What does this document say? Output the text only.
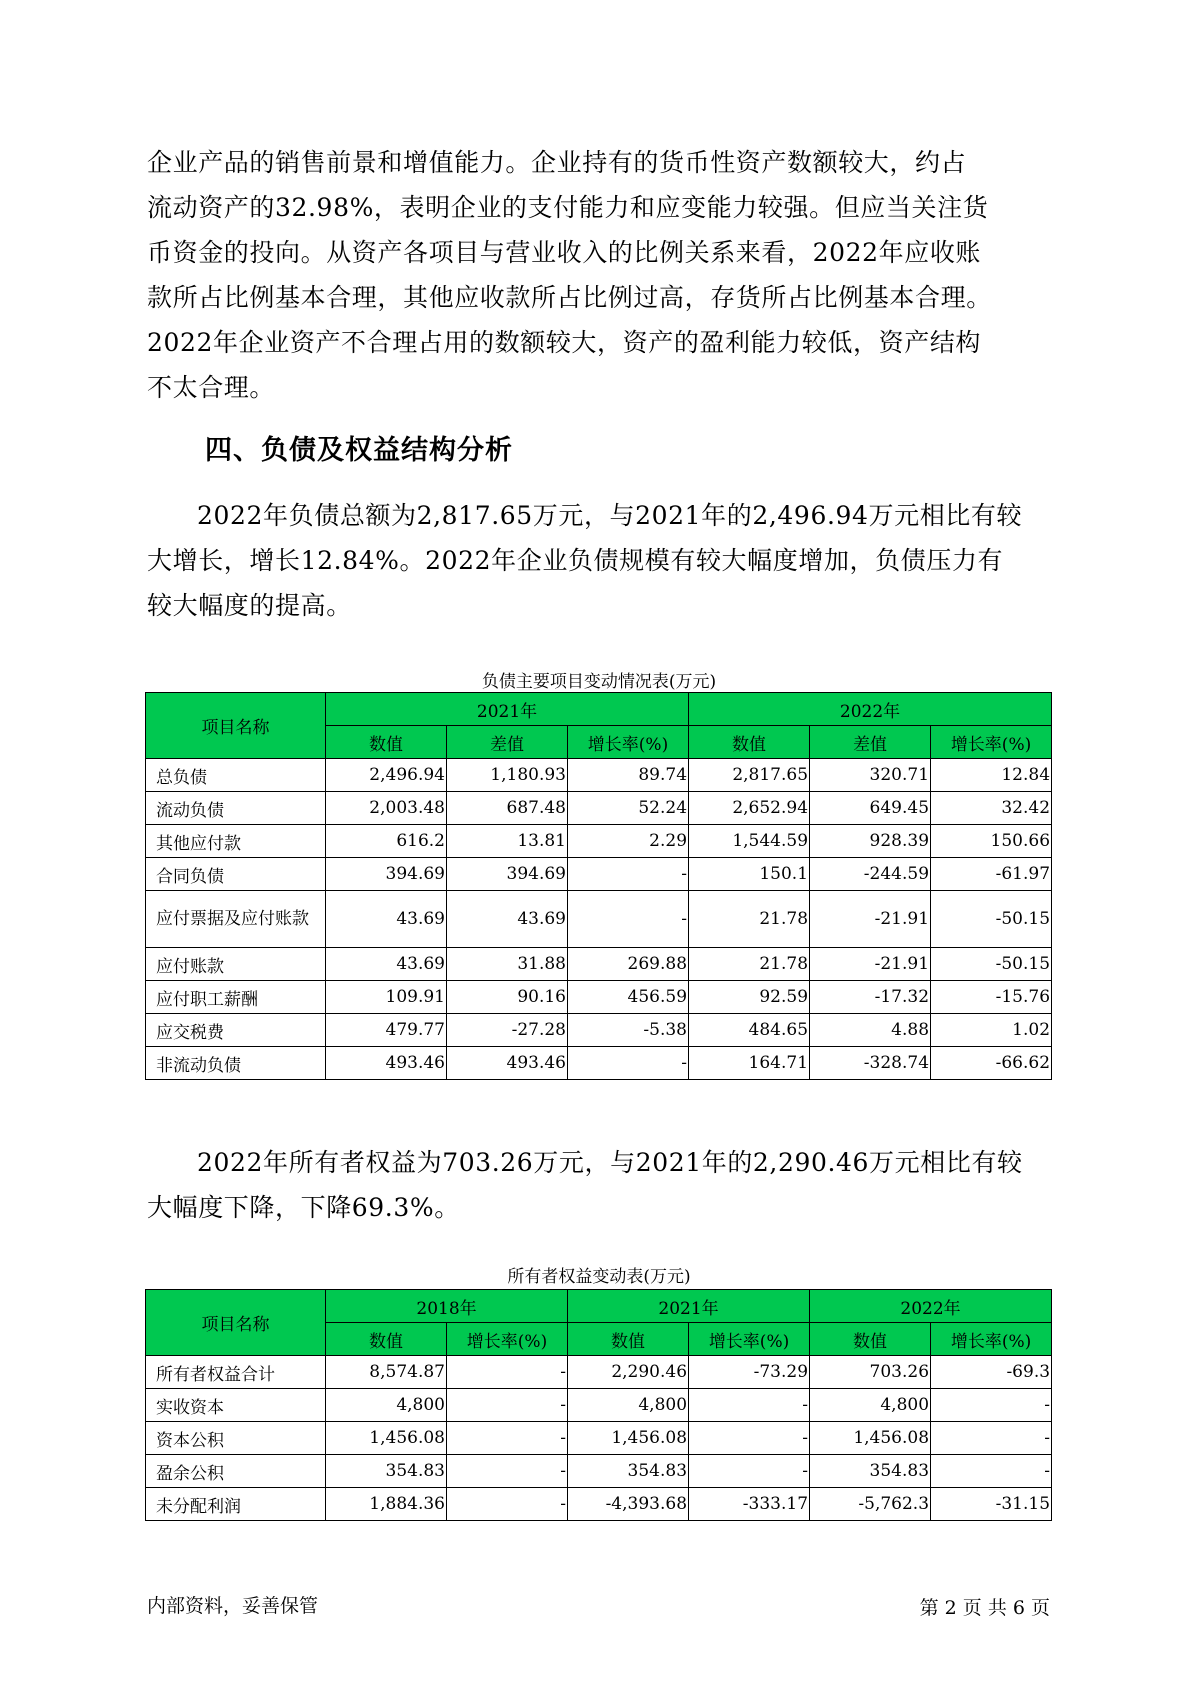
企业产品的销售前景和增值能力。企业持有的货币性资产数额较大，约占
流动资产的32.98%，表明企业的支付能力和应变能力较强。但应当关注货
币资金的投向。从资产各项目与营业收入的比例关系来看，2022年应收账
款所占比例基本合理，其他应收款所占比例过高，存货所占比例基本合理。
2022年企业资产不合理占用的数额较大，资产的盈利能力较低，资产结构
不太合理。
四、负债及权益结构分析
2022年负债总额为2,817.65万元，与2021年的2,496.94万元相比有较
大增长，增长12.84%。2022年企业负债规模有较大幅度增加，负债压力有
较大幅度的提高。

负债主要项目变动情况表(万元)

项目名称	2021年			2022年		
	数值	差值	增长率(%)	数值	差值	增长率(%)
总负债	2,496.94	1,180.93	89.74	2,817.65	320.71	12.84
流动负债	2,003.48	687.48	52.24	2,652.94	649.45	32.42
其他应付款	616.2	13.81	2.29	1,544.59	928.39	150.66
合同负债	394.69	394.69	-	150.1	-244.59	-61.97
应付票据及应付账款	43.69	43.69	-	21.78	-21.91	-50.15
应付账款	43.69	31.88	269.88	21.78	-21.91	-50.15
应付职工薪酬	109.91	90.16	456.59	92.59	-17.32	-15.76
应交税费	479.77	-27.28	-5.38	484.65	4.88	1.02
非流动负债	493.46	493.46	-	164.71	-328.74	-66.62
2022年所有者权益为703.26万元，与2021年的2,290.46万元相比有较
大幅度下降，下降69.3%。

所有者权益变动表(万元)

项目名称	2018年		2021年		2022年	
	数值	增长率(%)	数值	增长率(%)	数值	增长率(%)
所有者权益合计	8,574.87	-	2,290.46	-73.29	703.26	-69.3
实收资本	4,800	-	4,800	-	4,800	-
资本公积	1,456.08	-	1,456.08	-	1,456.08	-
盈余公积	354.83	-	354.83	-	354.83	-
未分配利润	1,884.36	-	-4,393.68	-333.17	-5,762.3	-31.15
内部资料，妥善保管	第 2 页 共 6 页
